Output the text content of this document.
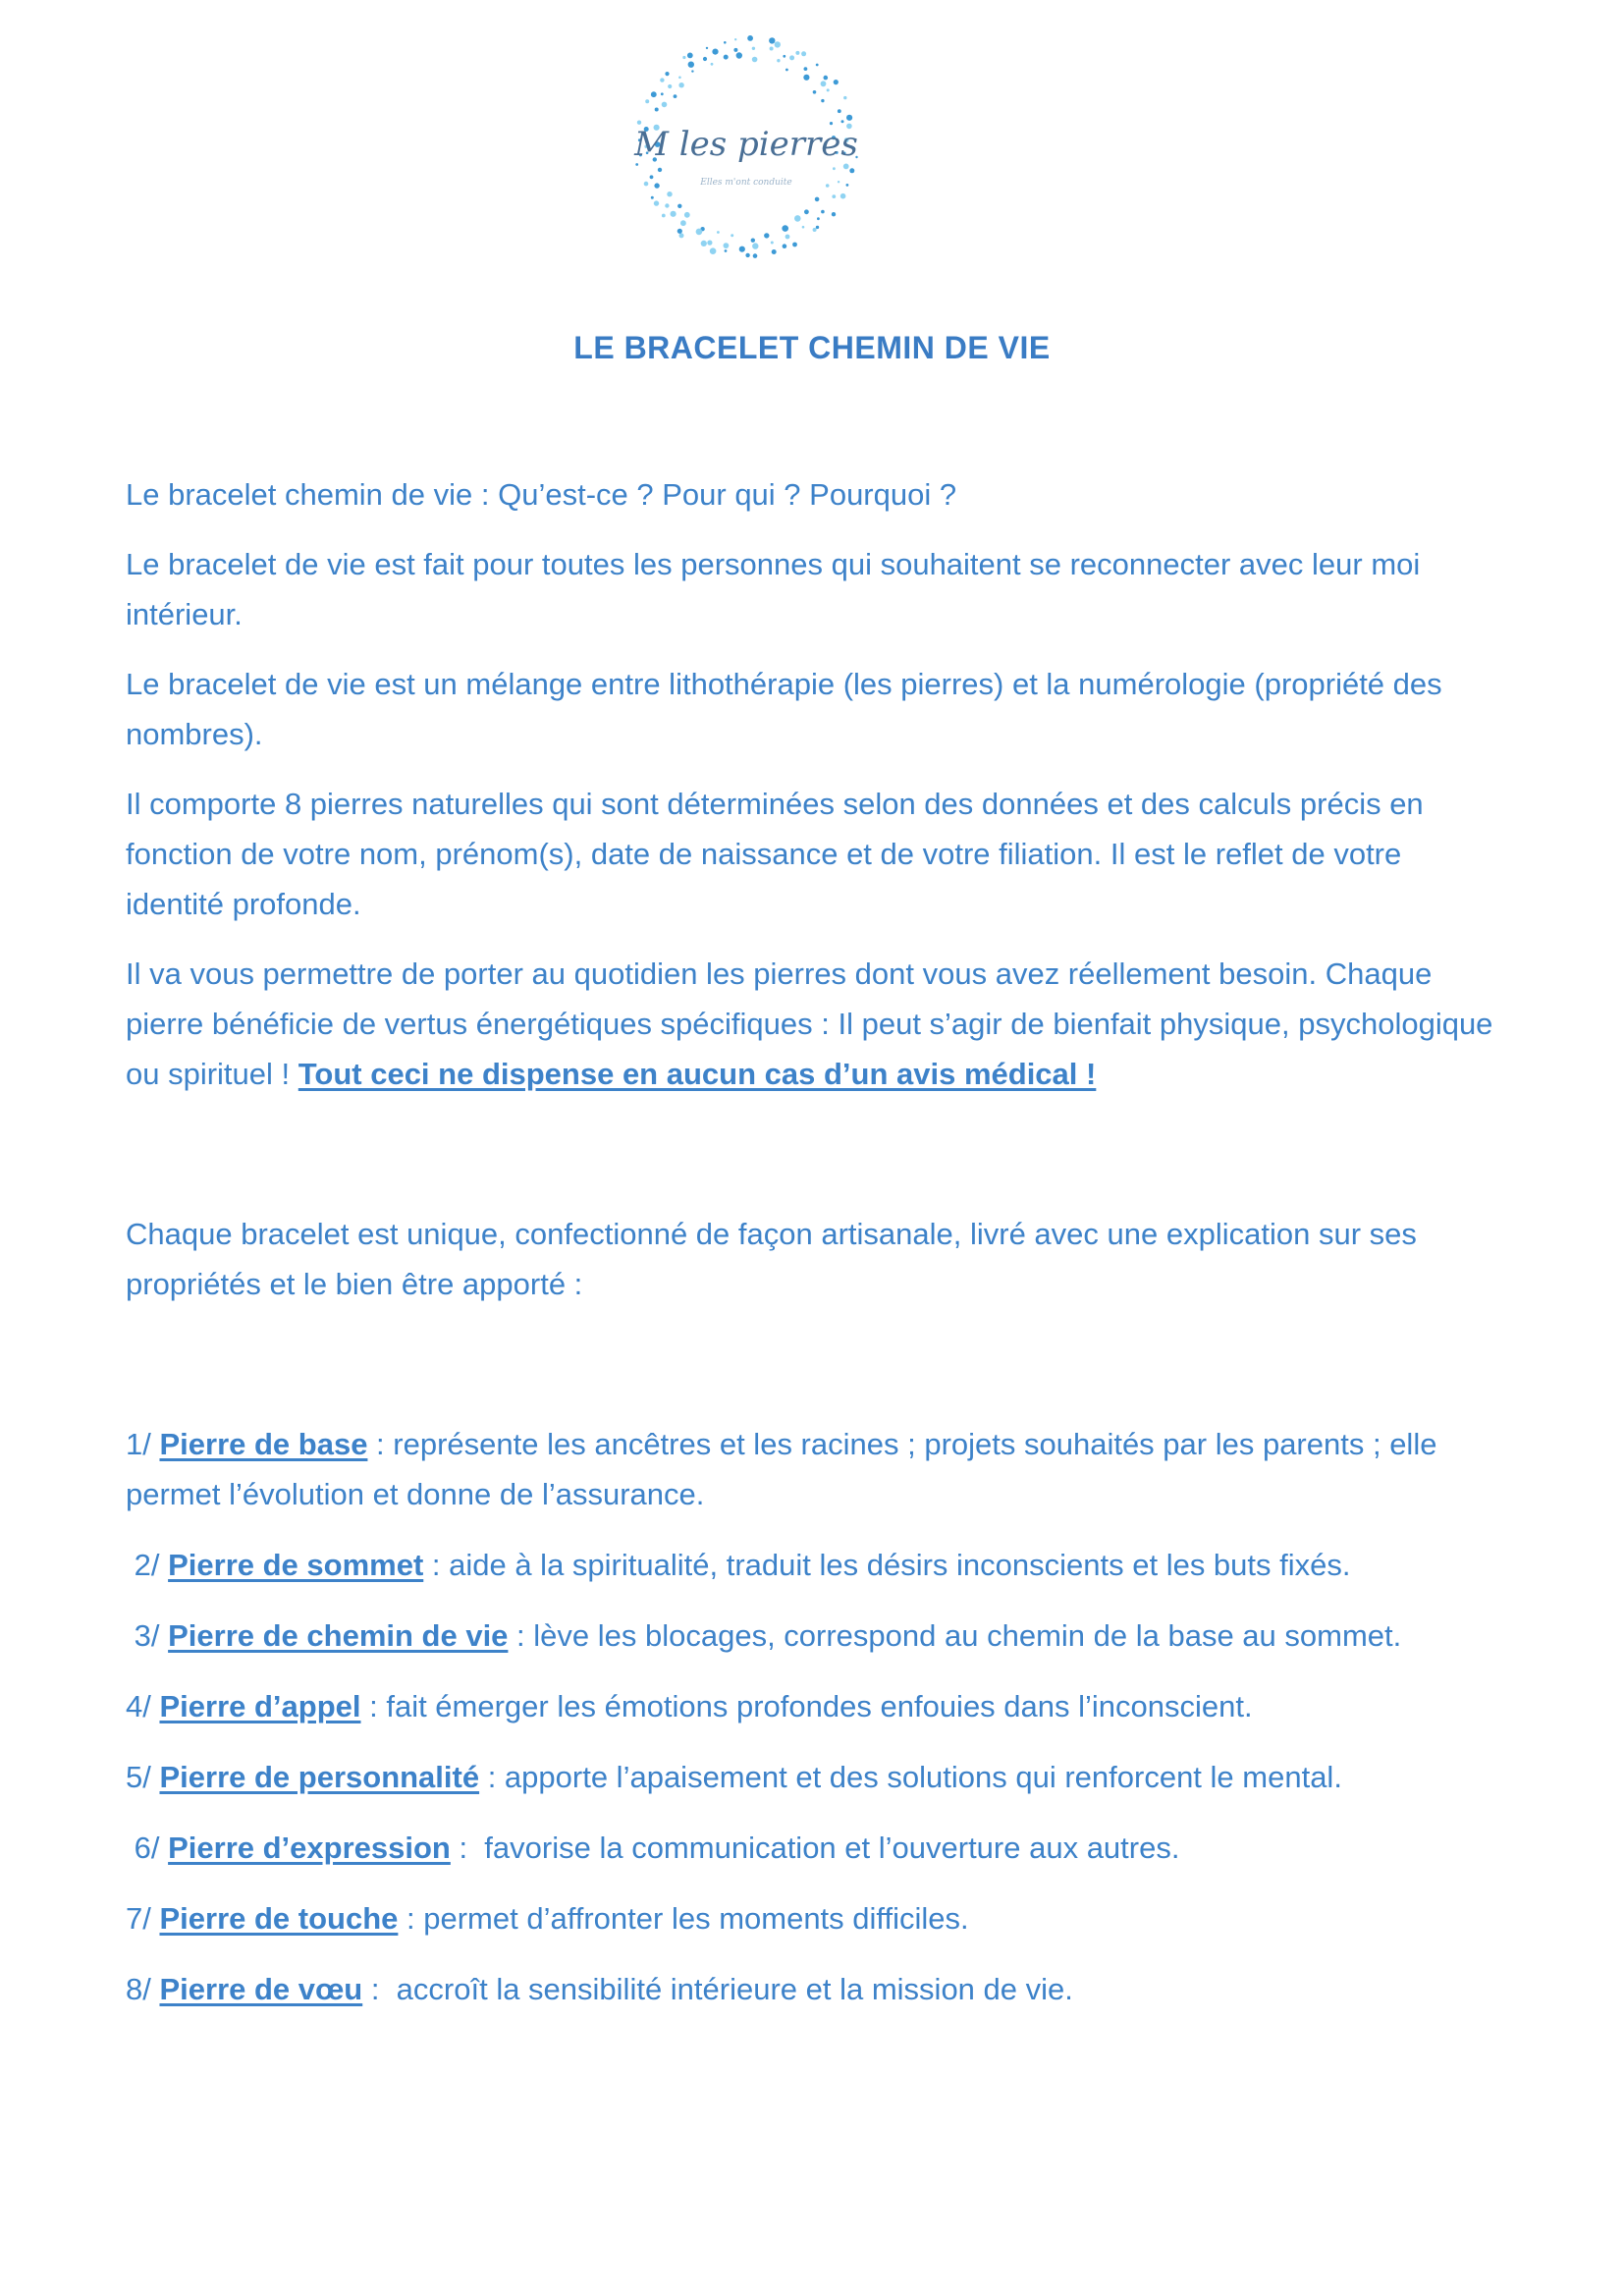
M les pierres
Elles m'ont conduite
LE BRACELET CHEMIN DE VIE

Le bracelet chemin de vie : Qu’est-ce ? Pour qui ? Pourquoi ?

Le bracelet de vie est fait pour toutes les personnes qui souhaitent se reconnecter avec leur moi intérieur.

Le bracelet de vie est un mélange entre lithothérapie (les pierres) et la numérologie (propriété des nombres).

Il comporte 8 pierres naturelles qui sont déterminées selon des données et des calculs précis en fonction de votre nom, prénom(s), date de naissance et de votre filiation. Il est le reflet de votre identité profonde.

Il va vous permettre de porter au quotidien les pierres dont vous avez réellement besoin. Chaque pierre bénéficie de vertus énergétiques spécifiques : Il peut s’agir de bienfait physique, psychologique ou spirituel ! Tout ceci ne dispense en aucun cas d’un avis médical !

Chaque bracelet est unique, confectionné de façon artisanale, livré avec une explication sur ses propriétés et le bien être apporté :

1/ Pierre de base : représente les ancêtres et les racines ; projets souhaités par les parents ; elle permet l’évolution et donne de l’assurance.

2/ Pierre de sommet : aide à la spiritualité, traduit les désirs inconscients et les buts fixés.

3/ Pierre de chemin de vie : lève les blocages, correspond au chemin de la base au sommet.

4/ Pierre d’appel : fait émerger les émotions profondes enfouies dans l’inconscient.

5/ Pierre de personnalité : apporte l’apaisement et des solutions qui renforcent le mental.

6/ Pierre d’expression :  favorise la communication et l’ouverture aux autres.

7/ Pierre de touche : permet d’affronter les moments difficiles.

8/ Pierre de vœu :  accroît la sensibilité intérieure et la mission de vie.
